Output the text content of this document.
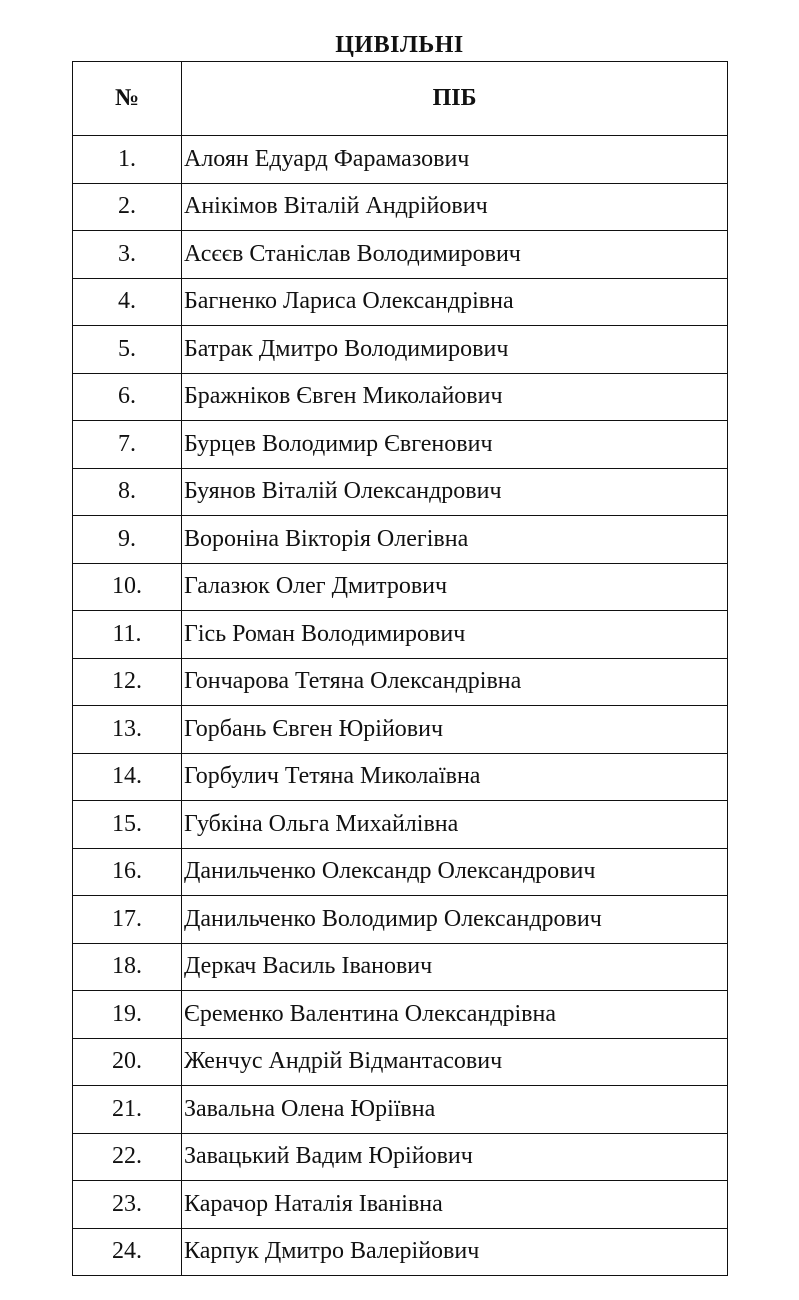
ЦИВІЛЬНІ
№	ПІБ
1.	Алоян Едуард Фарамазович
2.	Анікімов Віталій Андрійович
3.	Асєєв Станіслав Володимирович
4.	Багненко Лариса Олександрівна
5.	Батрак Дмитро Володимирович
6.	Бражніков Євген Миколайович
7.	Бурцев Володимир Євгенович
8.	Буянов Віталій Олександрович
9.	Вороніна Вікторія Олегівна
10.	Галазюк Олег Дмитрович
11.	Гісь Роман Володимирович
12.	Гончарова Тетяна Олександрівна
13.	Горбань Євген Юрійович
14.	Горбулич Тетяна Миколаївна
15.	Губкіна Ольга Михайлівна
16.	Данильченко Олександр Олександрович
17.	Данильченко Володимир Олександрович
18.	Деркач Василь Іванович
19.	Єременко Валентина Олександрівна
20.	Женчус Андрій Відмантасович
21.	Завальна Олена Юріївна
22.	Завацький Вадим Юрійович
23.	Карачор Наталія Іванівна
24.	Карпук Дмитро Валерійович
